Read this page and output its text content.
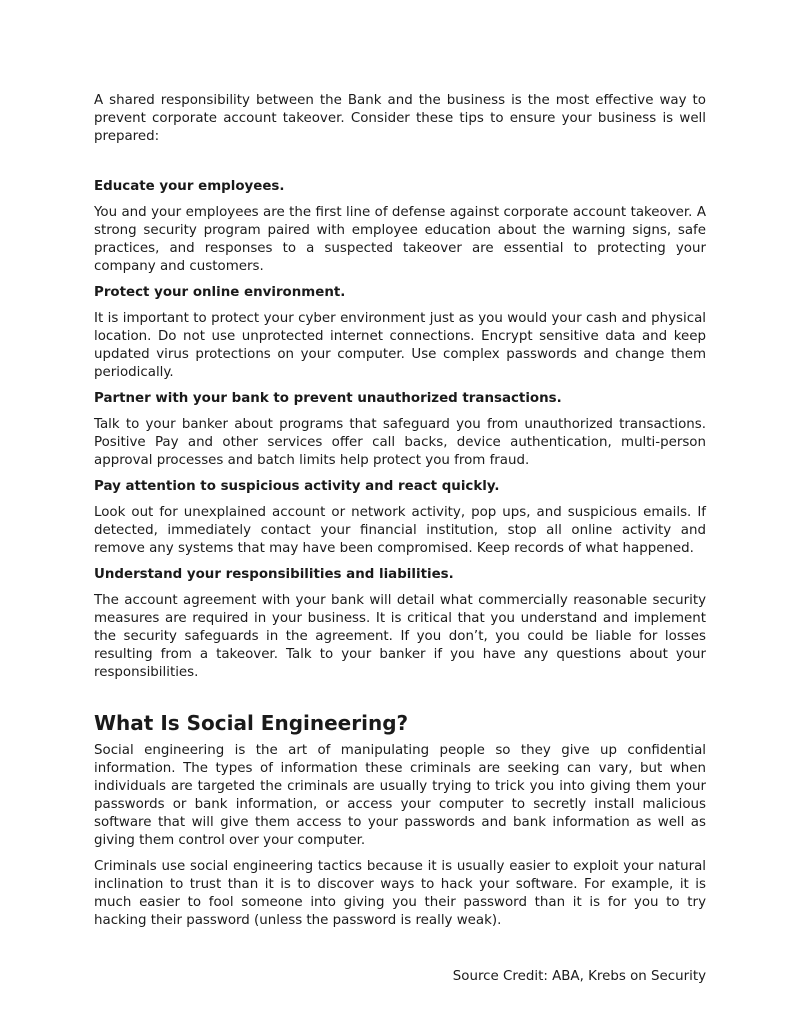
A shared responsibility between the Bank and the business is the most effective way to prevent corporate account takeover. Consider these tips to ensure your business is well prepared:

Educate your employees.

You and your employees are the first line of defense against corporate account takeover. A strong security program paired with employee education about the warning signs, safe practices, and responses to a suspected takeover are essential to protecting your company and customers.

Protect your online environment.

It is important to protect your cyber environment just as you would your cash and physical location. Do not use unprotected internet connections. Encrypt sensitive data and keep updated virus protections on your computer. Use complex passwords and change them periodically.

Partner with your bank to prevent unauthorized transactions.

Talk to your banker about programs that safeguard you from unauthorized transactions. Positive Pay and other services offer call backs, device authentication, multi-person approval processes and batch limits help protect you from fraud.

Pay attention to suspicious activity and react quickly.

Look out for unexplained account or network activity, pop ups, and suspicious emails. If detected, immediately contact your financial institution, stop all online activity and remove any systems that may have been compromised. Keep records of what happened.

Understand your responsibilities and liabilities.

The account agreement with your bank will detail what commercially reasonable security measures are required in your business. It is critical that you understand and implement the security safeguards in the agreement. If you don’t, you could be liable for losses resulting from a takeover. Talk to your banker if you have any questions about your responsibilities.

What Is Social Engineering?

Social engineering is the art of manipulating people so they give up confidential information. The types of information these criminals are seeking can vary, but when individuals are targeted the criminals are usually trying to trick you into giving them your passwords or bank information, or access your computer to secretly install malicious software that will give them access to your passwords and bank information as well as giving them control over your computer.

Criminals use social engineering tactics because it is usually easier to exploit your natural inclination to trust than it is to discover ways to hack your software. For example, it is much easier to fool someone into giving you their password than it is for you to try hacking their password (unless the password is really weak).

Source Credit: ABA, Krebs on Security
